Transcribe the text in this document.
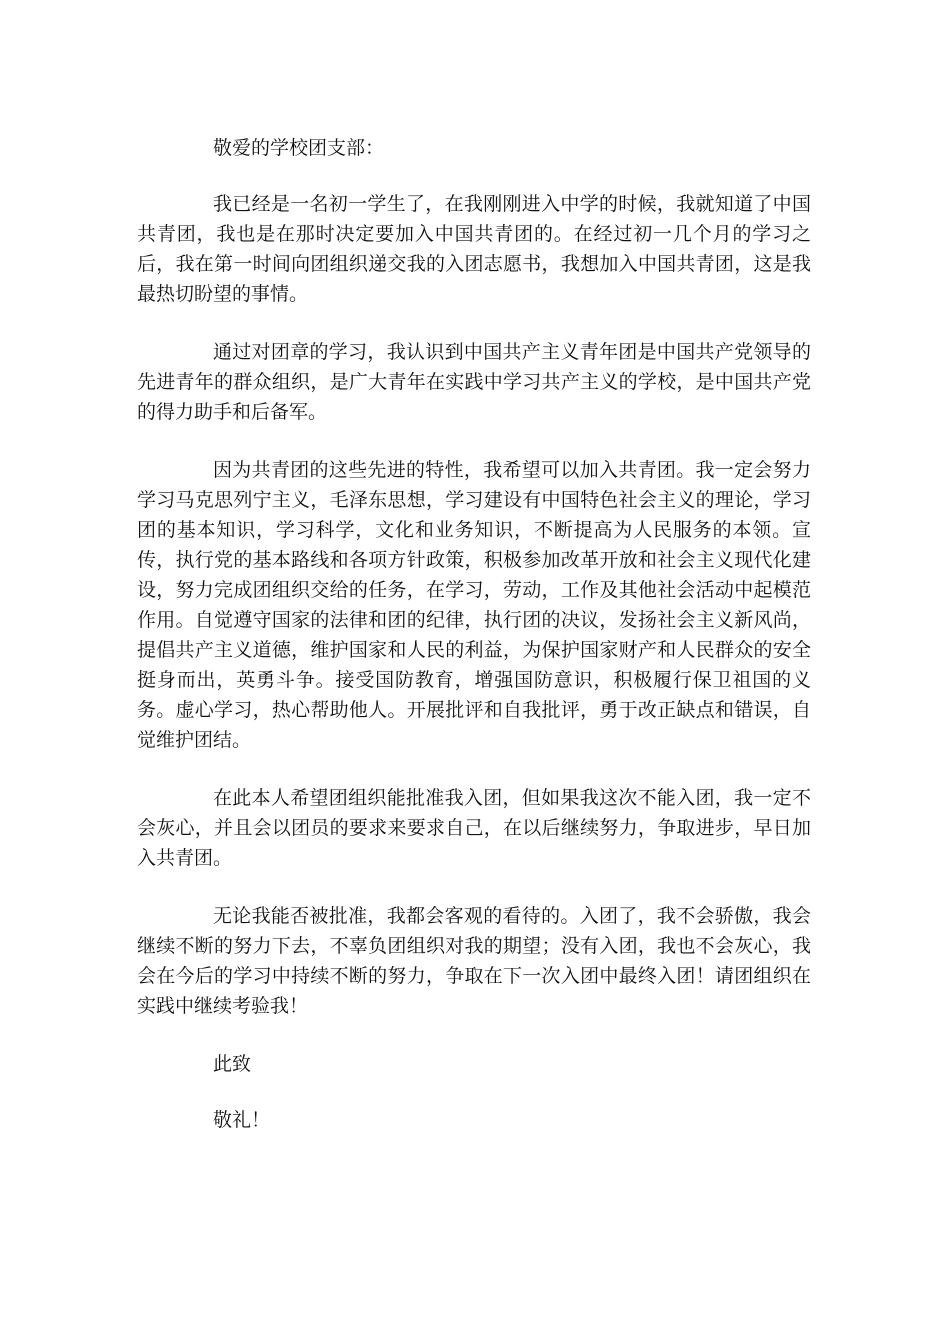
敬爱的学校团支部：

我已经是一名初一学生了，在我刚刚进入中学的时候，我就知道了中国共青团，我也是在那时决定要加入中国共青团的。在经过初一几个月的学习之后，我在第一时间向团组织递交我的入团志愿书，我想加入中国共青团，这是我最热切盼望的事情。

通过对团章的学习，我认识到中国共产主义青年团是中国共产党领导的先进青年的群众组织，是广大青年在实践中学习共产主义的学校，是中国共产党的得力助手和后备军。

因为共青团的这些先进的特性，我希望可以加入共青团。我一定会努力学习马克思列宁主义，毛泽东思想，学习建设有中国特色社会主义的理论，学习团的基本知识，学习科学，文化和业务知识，不断提高为人民服务的本领。宣传，执行党的基本路线和各项方针政策，积极参加改革开放和社会主义现代化建设，努力完成团组织交给的任务，在学习，劳动，工作及其他社会活动中起模范作用。自觉遵守国家的法律和团的纪律，执行团的决议，发扬社会主义新风尚，提倡共产主义道德，维护国家和人民的利益，为保护国家财产和人民群众的安全挺身而出，英勇斗争。接受国防教育，增强国防意识，积极履行保卫祖国的义务。虚心学习，热心帮助他人。开展批评和自我批评，勇于改正缺点和错误，自觉维护团结。

在此本人希望团组织能批准我入团，但如果我这次不能入团，我一定不会灰心，并且会以团员的要求来要求自己，在以后继续努力，争取进步，早日加入共青团。

无论我能否被批准，我都会客观的看待的。入团了，我不会骄傲，我会继续不断的努力下去，不辜负团组织对我的期望；没有入团，我也不会灰心，我会在今后的学习中持续不断的努力，争取在下一次入团中最终入团！请团组织在实践中继续考验我！

此致

敬礼！
